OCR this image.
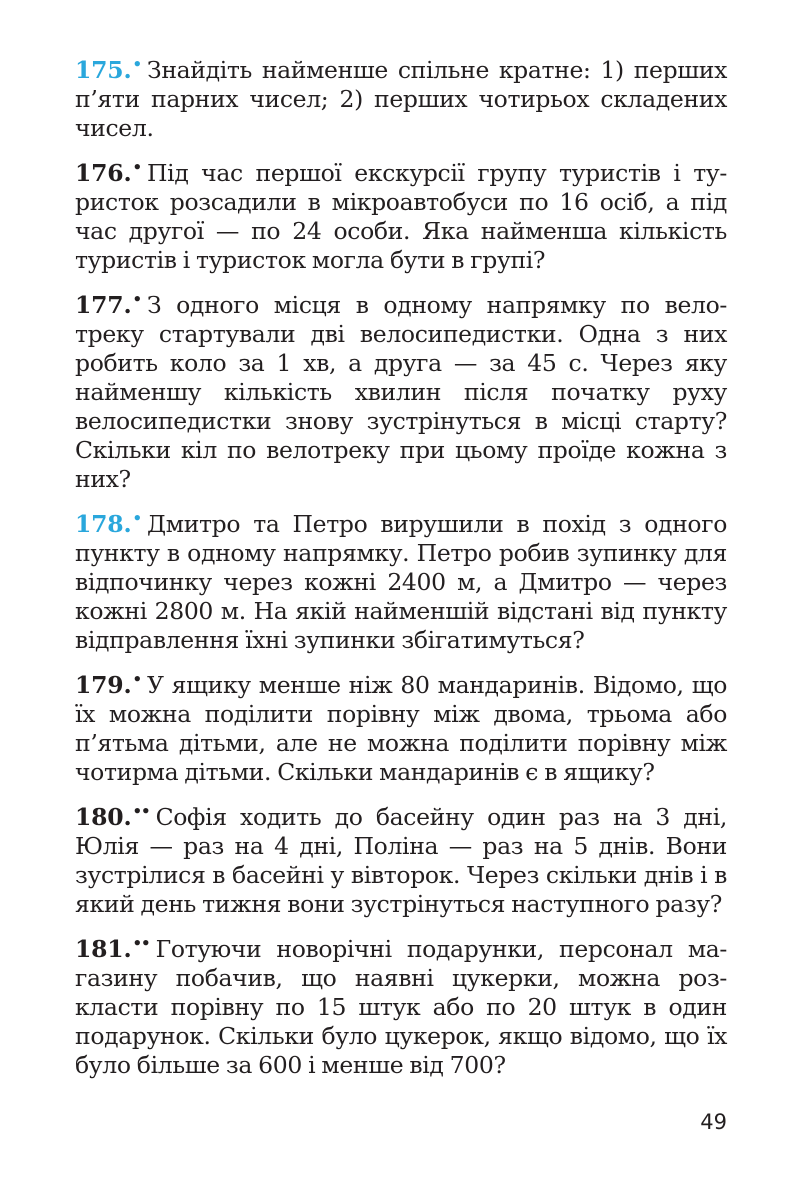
175.• Знайдіть найменше спільне кратне: 1) перших п’яти парних чисел; 2) перших чотирьох складених чисел.

176.• Під час першої екскурсії групу туристів і ту-ристок розсадили в мікроавтобуси по 16 осіб, а під час другої — по 24 особи. Яка найменша кількість туристів і туристок могла бути в групі?

177.• З одного місця в одному напрямку по вело-треку стартували дві велосипедистки. Одна з них робить коло за 1 хв, а друга — за 45 с. Через яку найменшу кількість хвилин після початку руху велосипедистки знову зустрінуться в місці старту? Скільки кіл по велотреку при цьому проїде кожна з них?

178.• Дмитро та Петро вирушили в похід з одного пункту в одному напрямку. Петро робив зупинку для відпочинку через кожні 2400 м, а Дмитро — через кожні 2800 м. На якій найменшій відстані від пункту відправлення їхні зупинки збігатимуться?

179.• У ящику менше ніж 80 мандаринів. Відомо, що їх можна поділити порівну між двома, трьома або п’ятьма дітьми, але не можна поділити порівну між чотирма дітьми. Скільки мандаринів є в ящику?

180.•• Софія ходить до басейну один раз на 3 дні, Юлія — раз на 4 дні, Поліна — раз на 5 днів. Вони зустрілися в басейні у вівторок. Через скільки днів і в який день тижня вони зустрінуться наступного разу?

181.•• Готуючи новорічні подарунки, персонал ма-газину побачив, що наявні цукерки, можна роз-класти порівну по 15 штук або по 20 штук в один подарунок. Скільки було цукерок, якщо відомо, що їх було більше за 600 і менше від 700?

49
